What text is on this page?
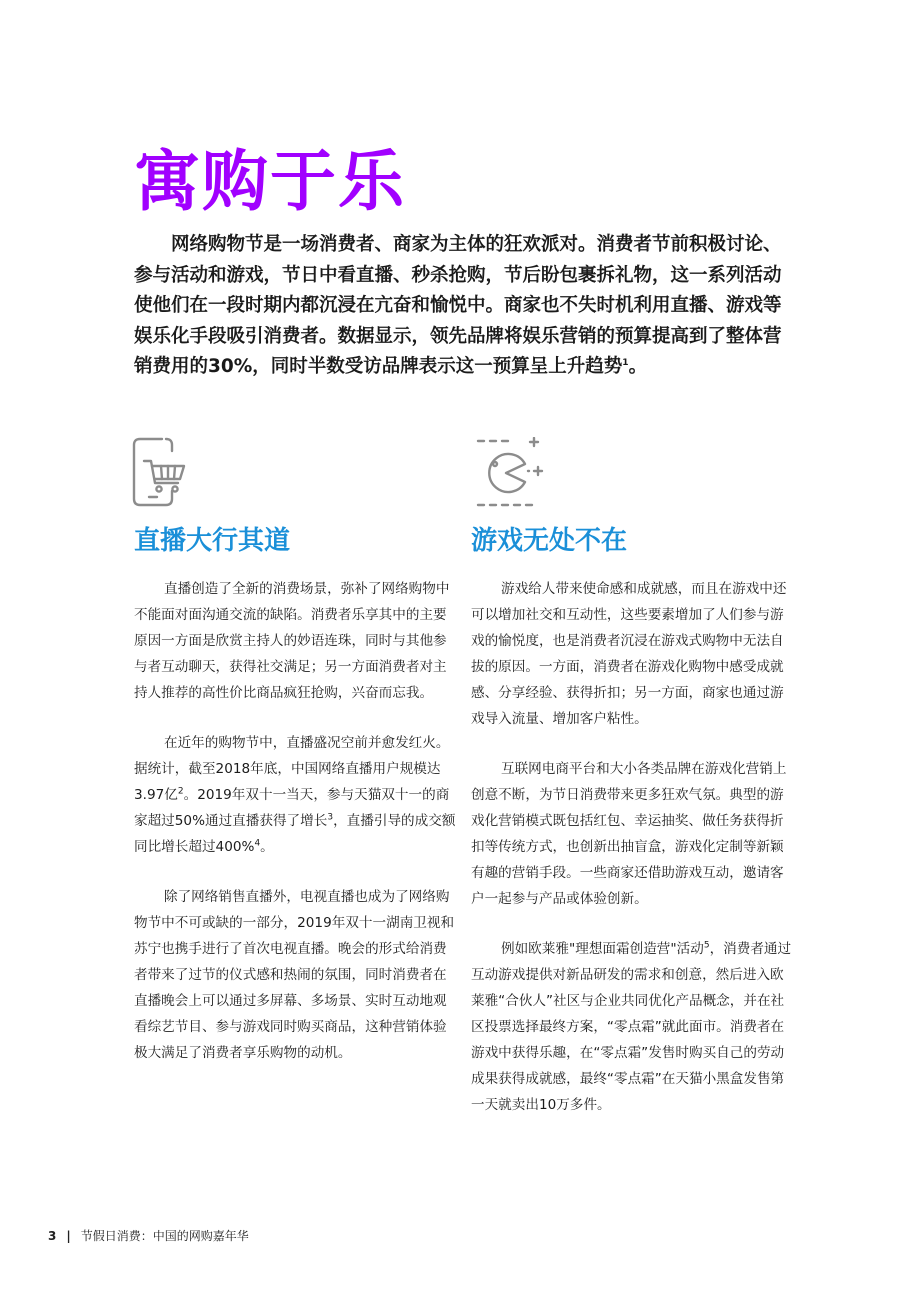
寓购于乐
网络购物节是一场消费者、商家为主体的狂欢派对。消费者节前积极讨论、参与活动和游戏，节日中看直播、秒杀抢购，节后盼包裹拆礼物，这一系列活动使他们在一段时期内都沉浸在亢奋和愉悦中。商家也不失时机利用直播、游戏等娱乐化手段吸引消费者。数据显示，领先品牌将娱乐营销的预算提高到了整体营销费用的30%，同时半数受访品牌表示这一预算呈上升趋势$^1$。
直播大行其道
直播创造了全新的消费场景，弥补了网络购物中不能面对面沟通交流的缺陷。消费者乐享其中的主要原因一方面是欣赏主持人的妙语连珠，同时与其他参与者互动聊天，获得社交满足；另一方面消费者对主持人推荐的高性价比商品疯狂抢购，兴奋而忘我。
在近年的购物节中，直播盛况空前并愈发红火。据统计，截至2018年底，中国网络直播用户规模达3.97亿$^2$。2019年双十一当天，参与天猫双十一的商家超过50%通过直播获得了增长$^3$，直播引导的成交额同比增长超过400%$^4$。
除了网络销售直播外，电视直播也成为了网络购物节中不可或缺的一部分，2019年双十一湖南卫视和苏宁也携手进行了首次电视直播。晚会的形式给消费者带来了过节的仪式感和热闹的氛围，同时消费者在直播晚会上可以通过多屏幕、多场景、实时互动地观看综艺节目、参与游戏同时购买商品，这种营销体验极大满足了消费者享乐购物的动机。
游戏无处不在
游戏给人带来使命感和成就感，而且在游戏中还可以增加社交和互动性，这些要素增加了人们参与游戏的愉悦度，也是消费者沉浸在游戏式购物中无法自拔的原因。一方面，消费者在游戏化购物中感受成就感、分享经验、获得折扣；另一方面，商家也通过游戏导入流量、增加客户粘性。
互联网电商平台和大小各类品牌在游戏化营销上创意不断，为节日消费带来更多狂欢气氛。典型的游戏化营销模式既包括红包、幸运抽奖、做任务获得折扣等传统方式，也创新出抽盲盒，游戏化定制等新颖有趣的营销手段。一些商家还借助游戏互动，邀请客户一起参与产品或体验创新。
例如欧莱雅"理想面霜创造营"活动$^5$，消费者通过互动游戏提供对新品研发的需求和创意，然后进入欧莱雅“合伙人”社区与企业共同优化产品概念，并在社区投票选择最终方案，“零点霜”就此面市。消费者在游戏中获得乐趣，在“零点霜”发售时购买自己的劳动成果获得成就感，最终“零点霜”在天猫小黑盒发售第一天就卖出10万多件。
3 | 节假日消费：中国的网购嘉年华
